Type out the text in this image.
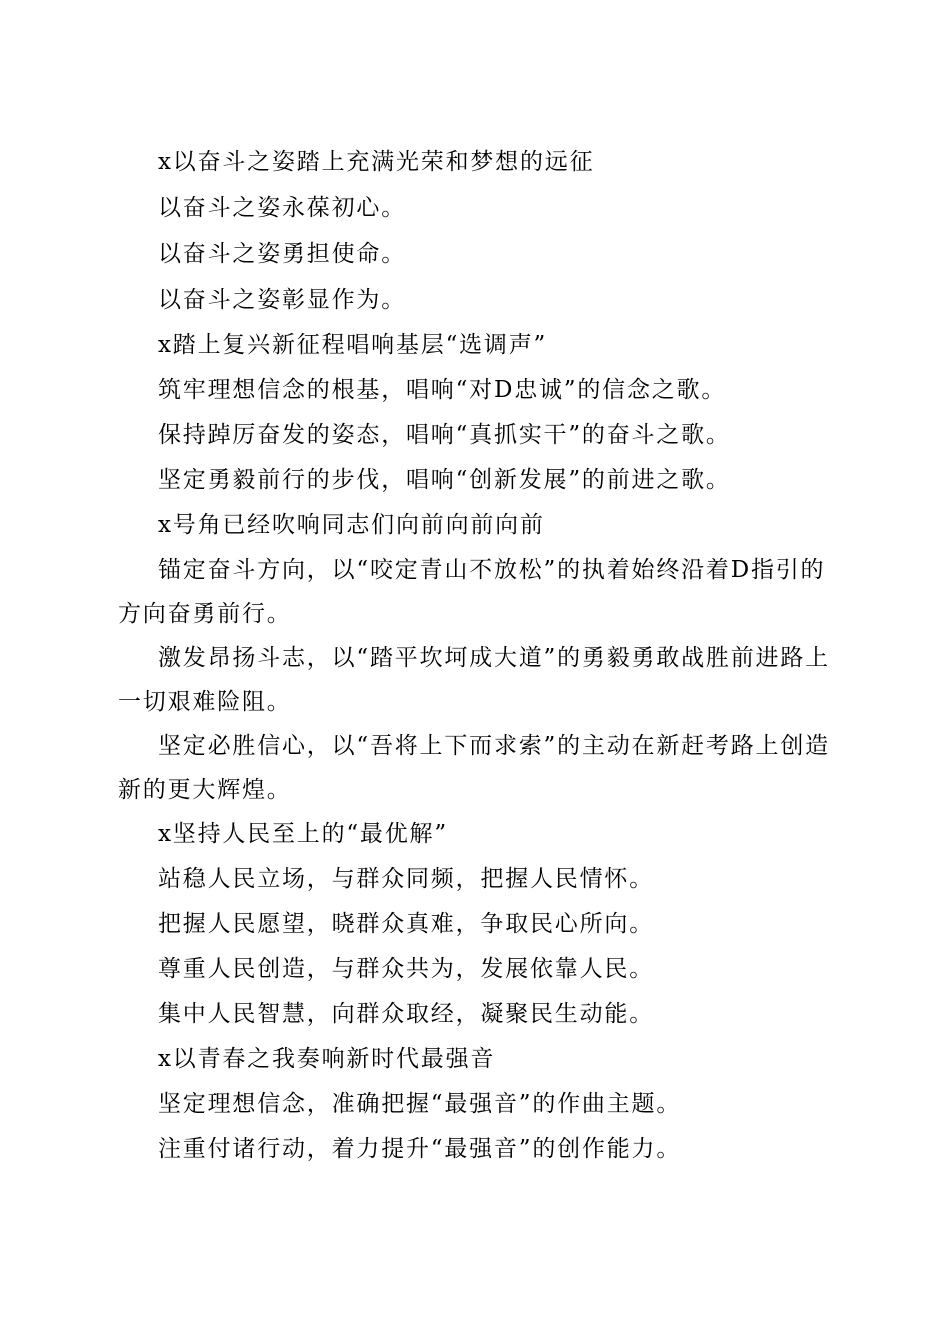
x以奋斗之姿踏上充满光荣和梦想的远征

以奋斗之姿永葆初心。

以奋斗之姿勇担使命。

以奋斗之姿彰显作为。

x踏上复兴新征程唱响基层“选调声”

筑牢理想信念的根基，唱响“对D忠诚”的信念之歌。

保持踔厉奋发的姿态，唱响“真抓实干”的奋斗之歌。

坚定勇毅前行的步伐，唱响“创新发展”的前进之歌。

x号角已经吹响同志们向前向前向前

锚定奋斗方向，以“咬定青山不放松”的执着始终沿着D指引的方向奋勇前行。

激发昂扬斗志，以“踏平坎坷成大道”的勇毅勇敢战胜前进路上一切艰难险阻。

坚定必胜信心，以“吾将上下而求索”的主动在新赶考路上创造新的更大辉煌。

x坚持人民至上的“最优解”

站稳人民立场，与群众同频，把握人民情怀。

把握人民愿望，晓群众真难，争取民心所向。

尊重人民创造，与群众共为，发展依靠人民。

集中人民智慧，向群众取经，凝聚民生动能。

x以青春之我奏响新时代最强音

坚定理想信念，准确把握“最强音”的作曲主题。

注重付诸行动，着力提升“最强音”的创作能力。
